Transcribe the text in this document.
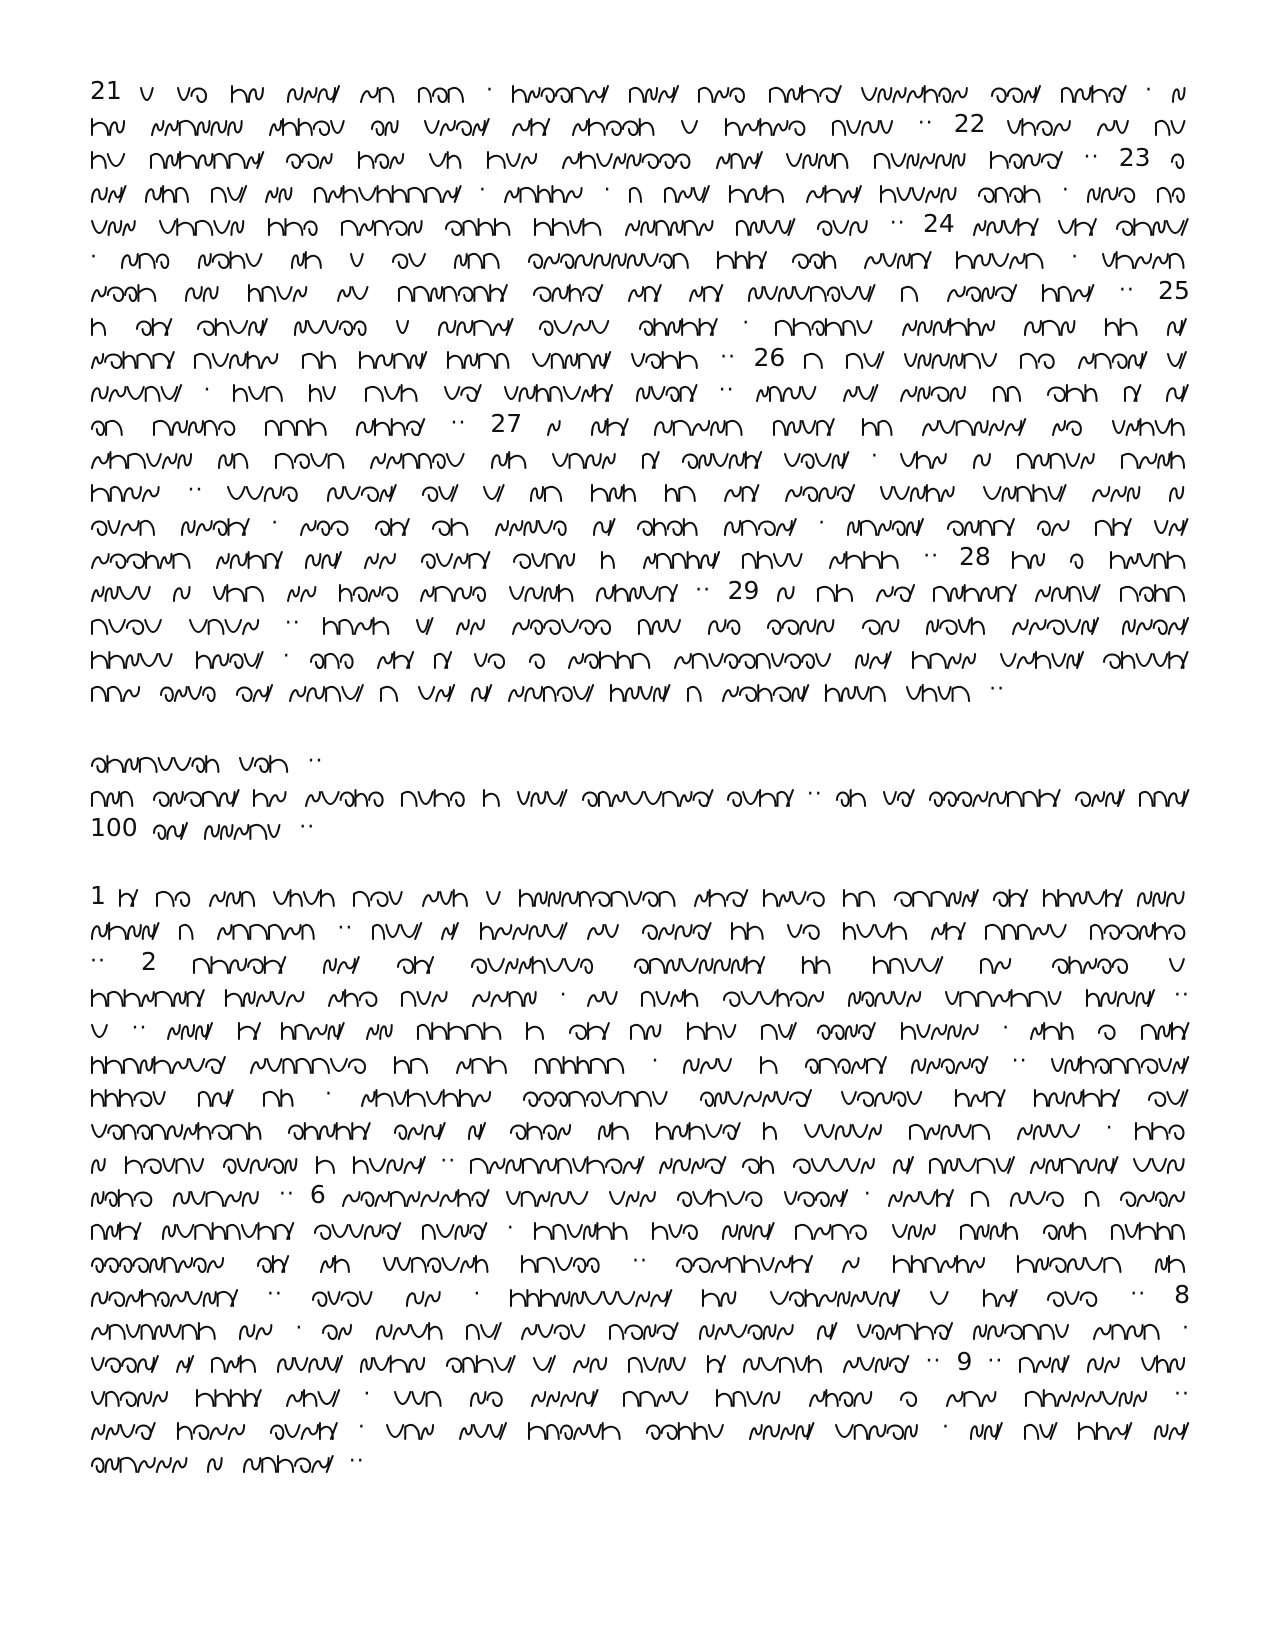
21	·	·
·· 22
·· 23
·	·	·
·· 24
·	·
·· 25
·
·· 26
·	··
·· 27
·
··
·	·
·· 28
·· 29
··
·
··
··
··
100	··
1
··
·· 2
·	··
··	·
·	··
·
·
··
·· 6	·
·
··
··	·	·· 8
·	·
·· 9 ··
·	··
·	·
··
